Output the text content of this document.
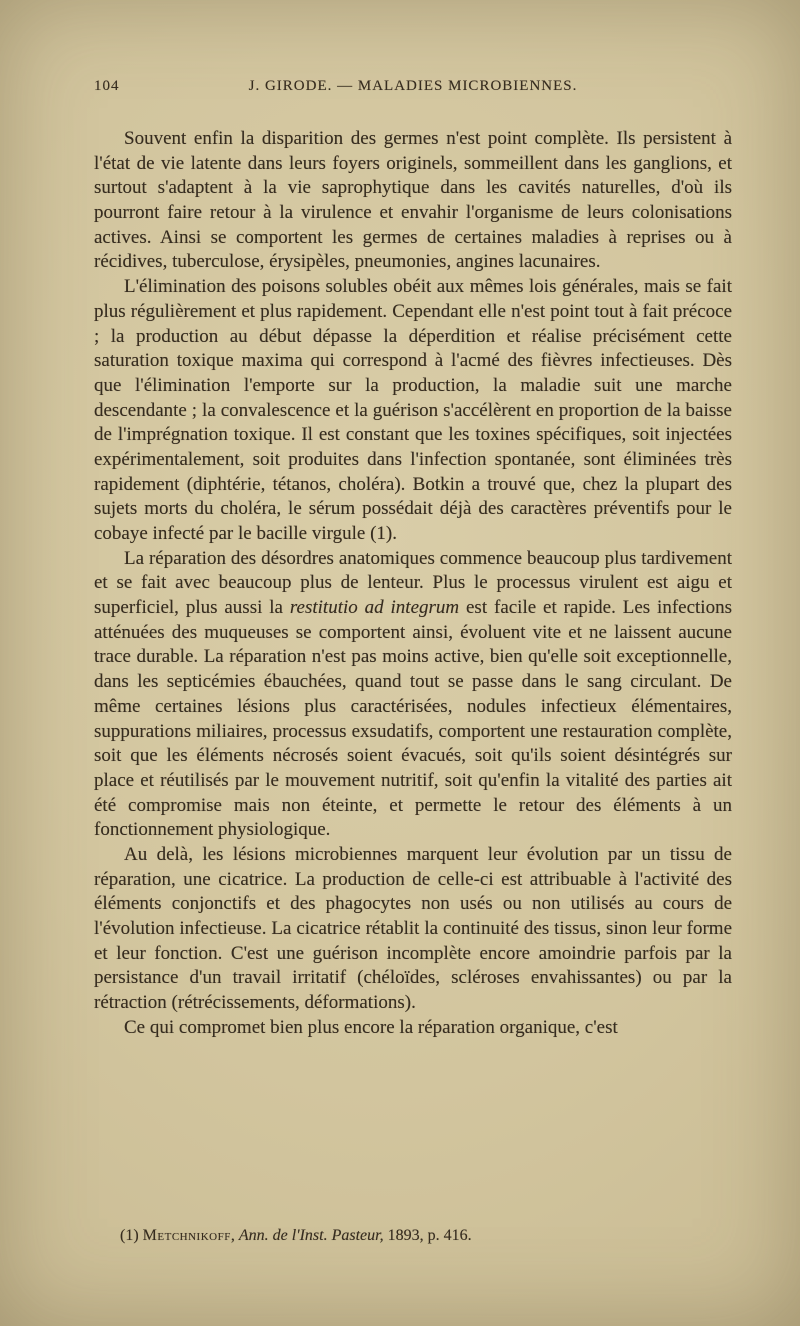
104	J. GIRODE. — MALADIES MICROBIENNES.

Souvent enfin la disparition des germes n'est point complète. Ils persistent à l'état de vie latente dans leurs foyers originels, sommeillent dans les ganglions, et surtout s'adaptent à la vie saprophytique dans les cavités naturelles, d'où ils pourront faire retour à la virulence et envahir l'organisme de leurs colonisations actives. Ainsi se comportent les germes de certaines maladies à reprises ou à récidives, tuberculose, érysipèles, pneumonies, angines lacunaires.

L'élimination des poisons solubles obéit aux mêmes lois générales, mais se fait plus régulièrement et plus rapidement. Cependant elle n'est point tout à fait précoce ; la production au début dépasse la déperdition et réalise précisément cette saturation toxique maxima qui correspond à l'acmé des fièvres infectieuses. Dès que l'élimination l'emporte sur la production, la maladie suit une marche descendante ; la convalescence et la guérison s'accélèrent en proportion de la baisse de l'imprégnation toxique. Il est constant que les toxines spécifiques, soit injectées expérimentalement, soit produites dans l'infection spontanée, sont éliminées très rapidement (diphtérie, tétanos, choléra). Botkin a trouvé que, chez la plupart des sujets morts du choléra, le sérum possédait déjà des caractères préventifs pour le cobaye infecté par le bacille virgule (1).

La réparation des désordres anatomiques commence beaucoup plus tardivement et se fait avec beaucoup plus de lenteur. Plus le processus virulent est aigu et superficiel, plus aussi la restitutio ad integrum est facile et rapide. Les infections atténuées des muqueuses se comportent ainsi, évoluent vite et ne laissent aucune trace durable. La réparation n'est pas moins active, bien qu'elle soit exceptionnelle, dans les septicémies ébauchées, quand tout se passe dans le sang circulant. De même certaines lésions plus caractérisées, nodules infectieux élémentaires, suppurations miliaires, processus exsudatifs, comportent une restauration complète, soit que les éléments nécrosés soient évacués, soit qu'ils soient désintégrés sur place et réutilisés par le mouvement nutritif, soit qu'enfin la vitalité des parties ait été compromise mais non éteinte, et permette le retour des éléments à un fonctionnement physiologique.

Au delà, les lésions microbiennes marquent leur évolution par un tissu de réparation, une cicatrice. La production de celle-ci est attribuable à l'activité des éléments conjonctifs et des phagocytes non usés ou non utilisés au cours de l'évolution infectieuse. La cicatrice rétablit la continuité des tissus, sinon leur forme et leur fonction. C'est une guérison incomplète encore amoindrie parfois par la persistance d'un travail irritatif (chéloïdes, scléroses envahissantes) ou par la rétraction (rétrécissements, déformations).

Ce qui compromet bien plus encore la réparation organique, c'est

(1) Metchnikoff, Ann. de l'Inst. Pasteur, 1893, p. 416.
